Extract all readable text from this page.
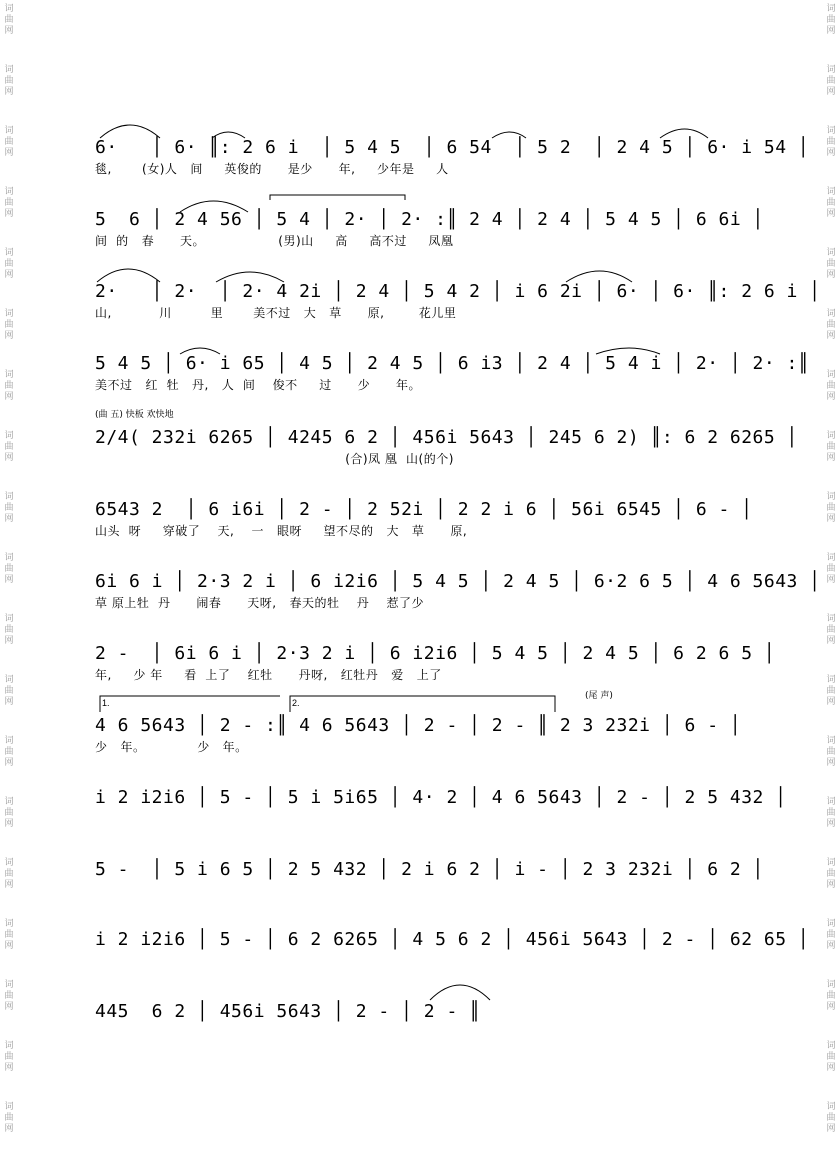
词
曲
网
词
曲
网
词
曲
网
词
曲
网
词
曲
网
词
曲
网
词
曲
网
词
曲
网
词
曲
网
词
曲
网
词
曲
网
词
曲
网
词
曲
网
词
曲
网
词
曲
网
词
曲
网
词
曲
网
词
曲
网
词
曲
网
词
曲
网
词
曲
网
词
曲
网
词
曲
网
词
曲
网
词
曲
网
词
曲
网
词
曲
网
词
曲
网
词
曲
网
词
曲
网
词
曲
网
词
曲
网
词
曲
网
词
曲
网
词
曲
网
词
曲
网
词
曲
网
词
曲
网
6·   │ 6· ║: 2 6 i  │ 5 4 5  │ 6 54  │ 5 2  │ 2 4 5 │ 6· i 54 │
毯,       (女)人   间     英俊的      是少      年,     少年是     人
5  6 │ 2 4 56 │ 5 4 │ 2· │ 2· :║ 2 4 │ 2 4 │ 5 4 5 │ 6 6i │
间  的   春      天。                 (男)山     高     高不过     凤凰
2·   │ 2·  │ 2· 4 2i │ 2 4 │ 5 4 2 │ i 6 2i │ 6· │ 6· ║: 2 6 i │
山,           川         里       美不过   大   草      原,        花儿里
5 4 5 │ 6· i 65 │ 4 5 │ 2 4 5 │ 6 i3 │ 2 4 │ 5 4 i │ 2· │ 2· :║
美不过   红  牡   丹,   人  间    俊不     过      少      年。
(曲 五) 快板 欢快地
2/4( 232i 6265 │ 4245 6 2 │ 456i 5643 │ 245 6 2) ║: 6 2 6265 │
(合)凤 凰  山(的个)
6543 2  │ 6 i6i │ 2 - │ 2 52i │ 2 2 i 6 │ 56i 6545 │ 6 - │
山头  呀     穿破了    天,    一   眼呀     望不尽的   大   草      原,
6i 6 i │ 2·3 2 i │ 6 i2i6 │ 5 4 5 │ 2 4 5 │ 6·2 6 5 │ 4 6 5643 │
草 原上牡  丹      闹春      天呀,   春天的牡    丹    惹了少
2 -  │ 6i 6 i │ 2·3 2 i │ 6 i2i6 │ 5 4 5 │ 2 4 5 │ 6 2 6 5 │
年,     少 年     看  上了    红牡      丹呀,   红牡丹   爱   上了
(尾 声)
4 6 5643 │ 2 - :║ 4 6 5643 │ 2 - │ 2 - ║ 2 3 232i │ 6 - │
少   年。            少   年。
i 2 i2i6 │ 5 - │ 5 i 5i65 │ 4· 2 │ 4 6 5643 │ 2 - │ 2 5 432 │
5 -  │ 5 i 6 5 │ 2 5 432 │ 2 i 6 2 │ i - │ 2 3 232i │ 6 2 │
i 2 i2i6 │ 5 - │ 6 2 6265 │ 4 5 6 2 │ 456i 5643 │ 2 - │ 62 65 │
445  6 2 │ 456i 5643 │ 2 - │ 2 - ║
1.	2.
